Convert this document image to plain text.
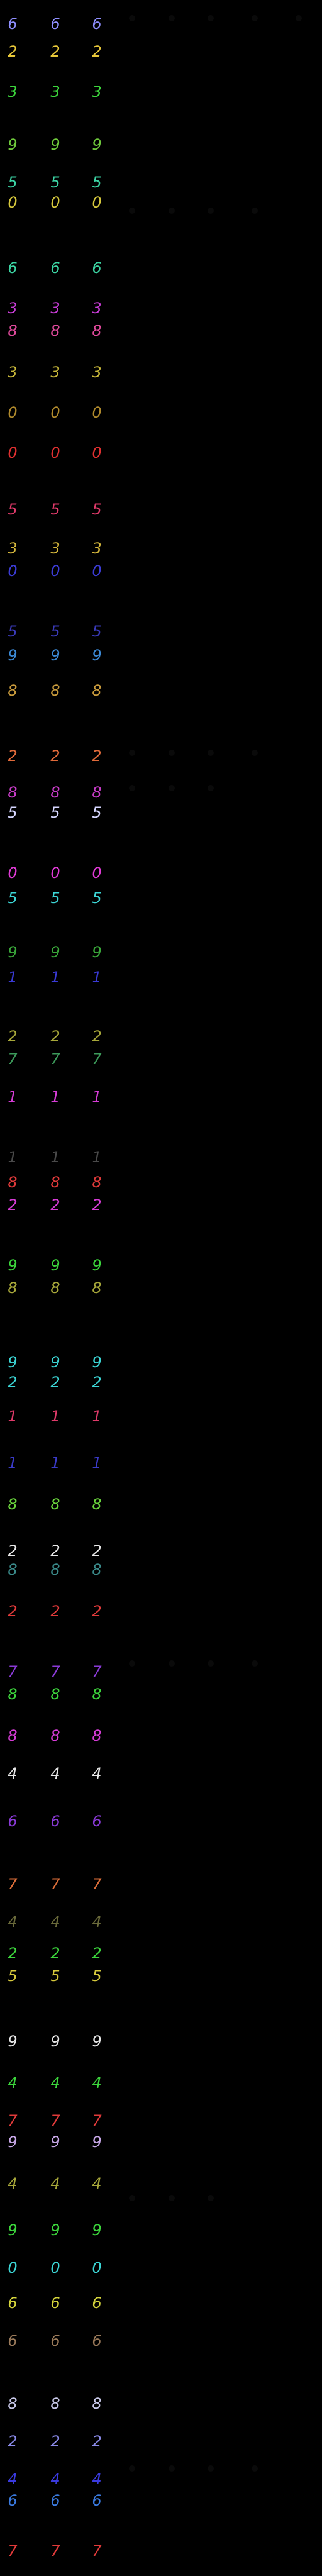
6 6 6
2 2 2
3 3 3
9 9 9
5 5 5
0 0 0
6 6 6
3 3 3
8 8 8
3 3 3
0 0 0
0 0 0
5 5 5
3 3 3
0 0 0
5 5 5
9 9 9
8 8 8
2 2 2
8 8 8
5 5 5
0 0 0
5 5 5
9 9 9
1 1 1
2 2 2
7 7 7
1 1 1
1 1 1
8 8 8
2 2 2
9 9 9
8 8 8
9 9 9
2 2 2
1 1 1
1 1 1
8 8 8
2 2 2
8 8 8
2 2 2
7 7 7
8 8 8
8 8 8
4 4 4
6 6 6
7 7 7
4 4 4
2 2 2
5 5 5
9 9 9
4 4 4
7 7 7
9 9 9
4 4 4
9 9 9
0 0 0
6 6 6
6 6 6
8 8 8
2 2 2
4 4 4
6 6 6
7 7 7
